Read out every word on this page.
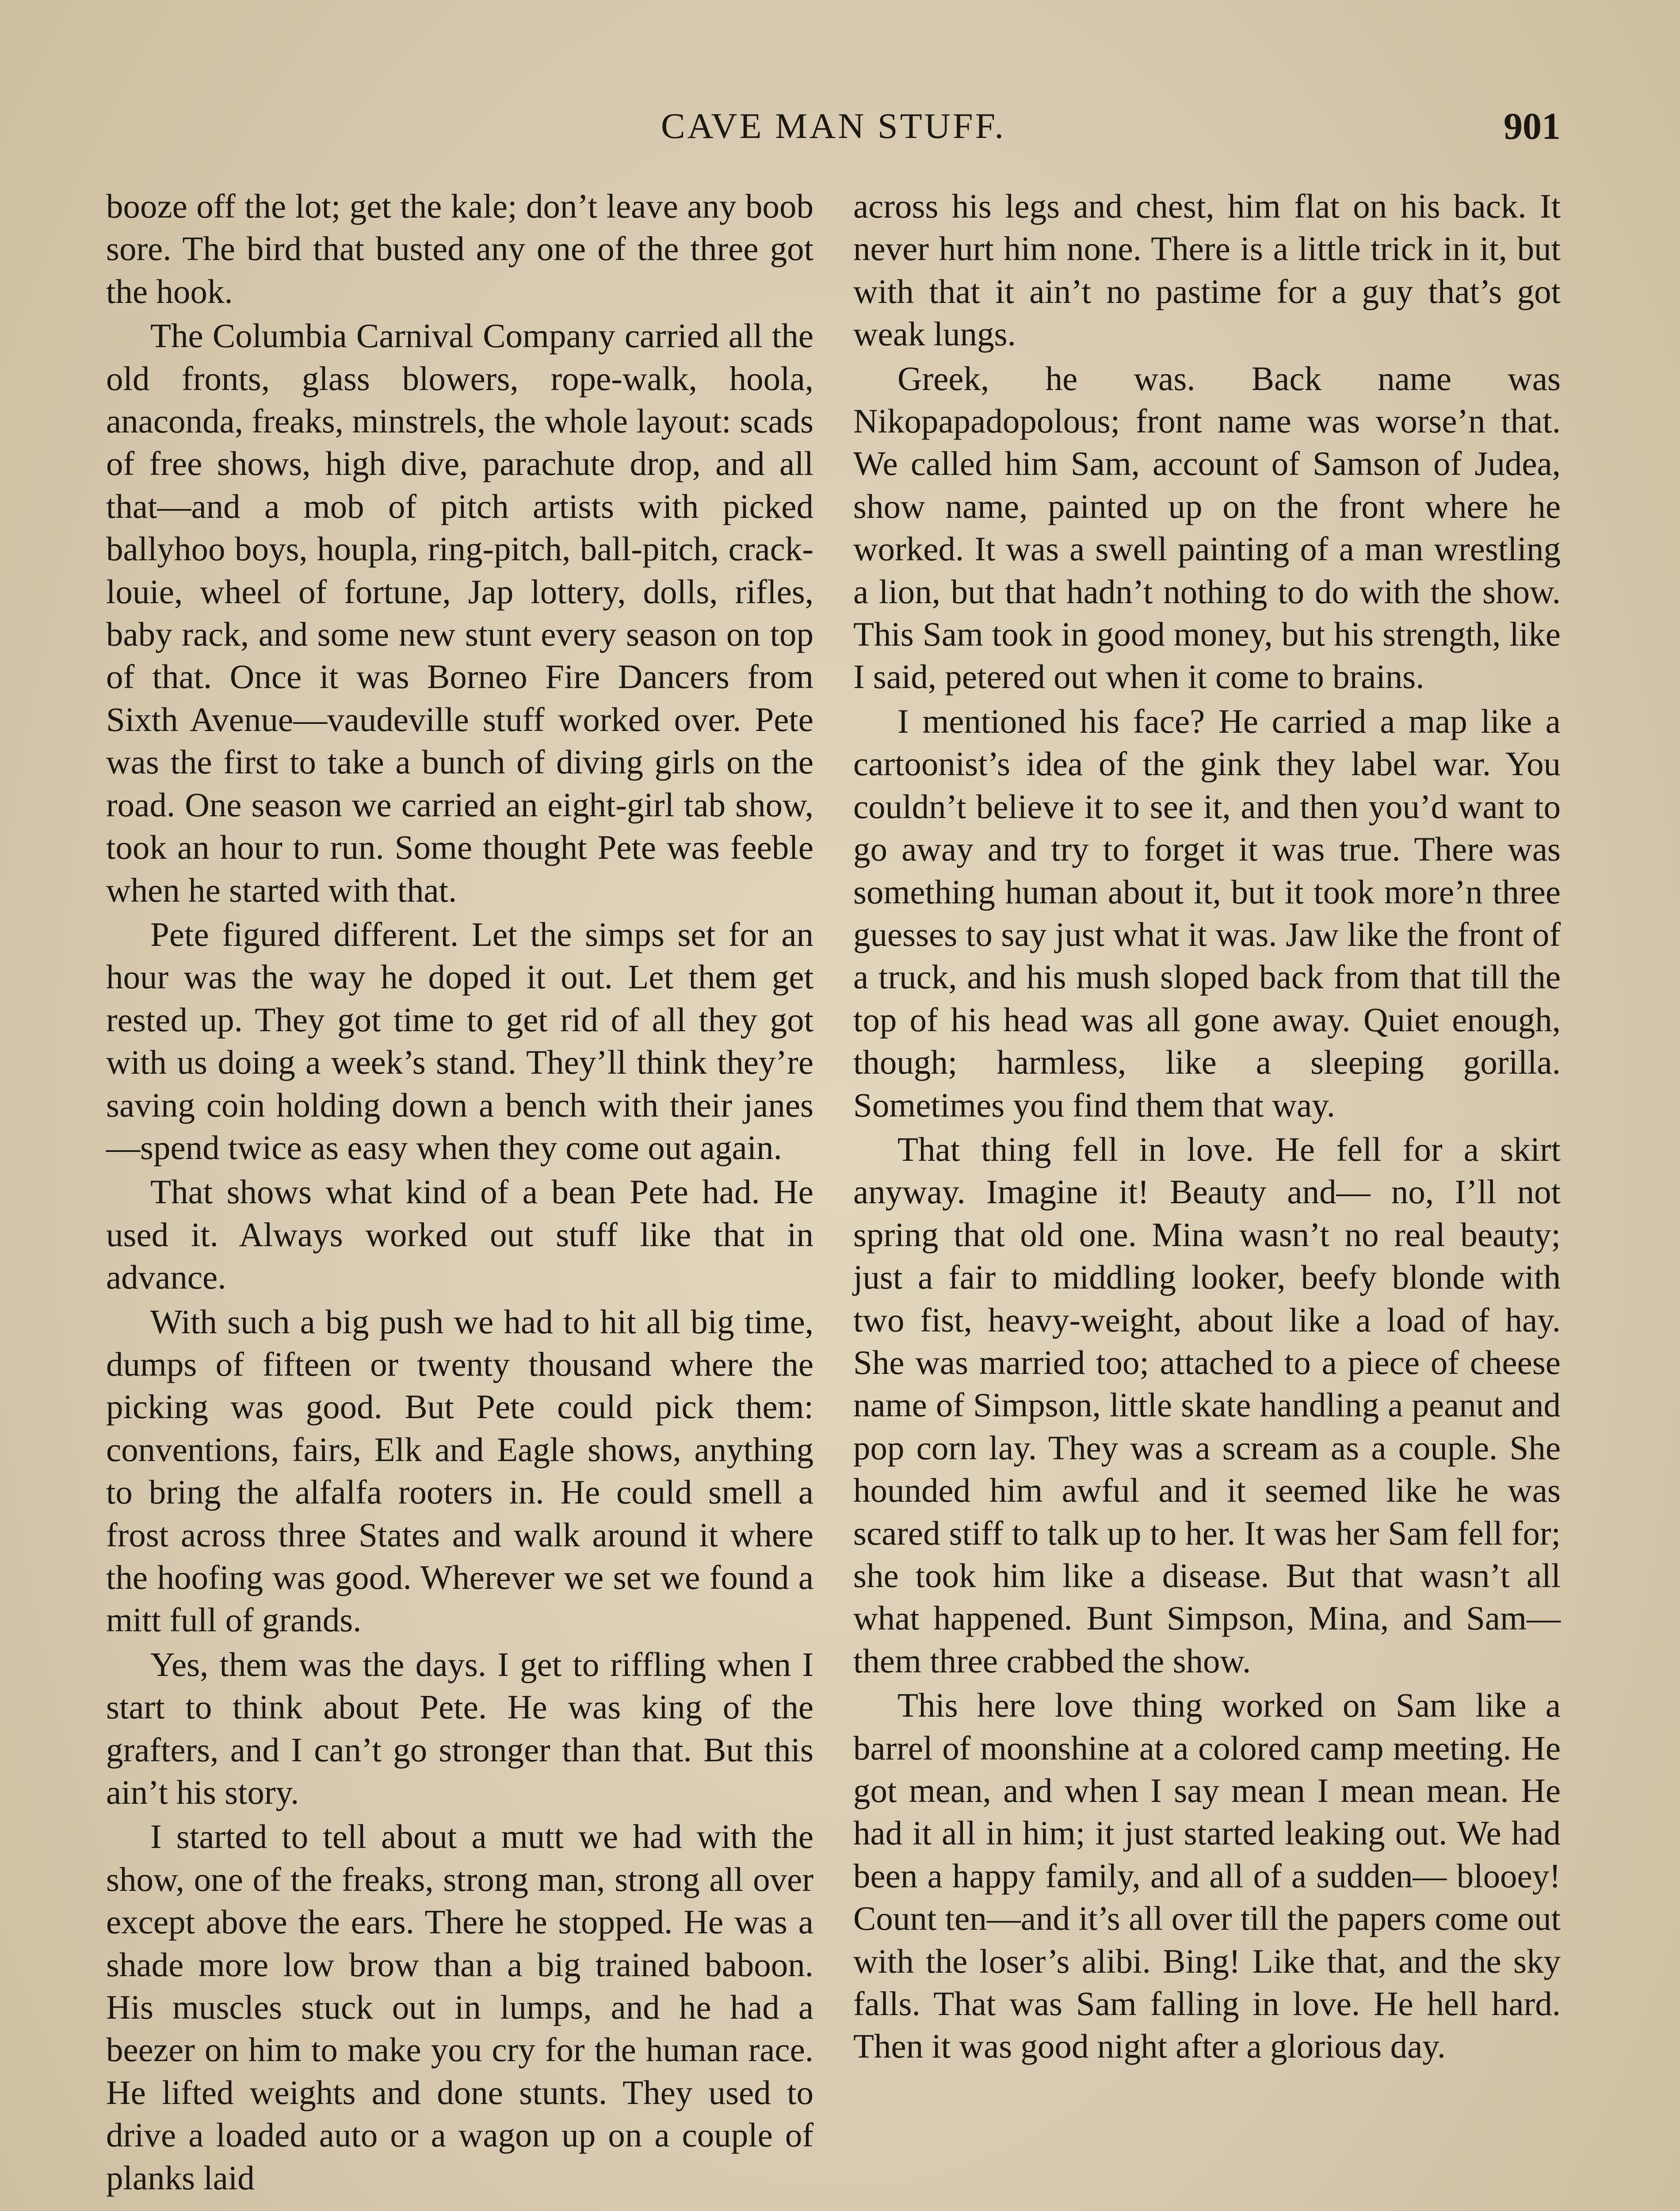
CAVE MAN STUFF.	901

booze off the lot; get the kale; don’t leave any boob sore. The bird that busted any one of the three got the hook.

The Columbia Carnival Company carried all the old fronts, glass blowers, rope-walk, hoola, anaconda, freaks, minstrels, the whole layout: scads of free shows, high dive, parachute drop, and all that—and a mob of pitch artists with picked ballyhoo boys, houpla, ring-pitch, ball-pitch, crack-louie, wheel of fortune, Jap lottery, dolls, rifles, baby rack, and some new stunt every season on top of that. Once it was Borneo Fire Dancers from Sixth Avenue—vaudeville stuff worked over. Pete was the first to take a bunch of diving girls on the road. One season we carried an eight-girl tab show, took an hour to run. Some thought Pete was feeble when he started with that.

Pete figured different. Let the simps set for an hour was the way he doped it out. Let them get rested up. They got time to get rid of all they got with us doing a week’s stand. They’ll think they’re saving coin holding down a bench with their janes —spend twice as easy when they come out again.

That shows what kind of a bean Pete had. He used it. Always worked out stuff like that in advance.

With such a big push we had to hit all big time, dumps of fifteen or twenty thousand where the picking was good. But Pete could pick them: conventions, fairs, Elk and Eagle shows, anything to bring the alfalfa rooters in. He could smell a frost across three States and walk around it where the hoofing was good. Wherever we set we found a mitt full of grands.

Yes, them was the days. I get to riffling when I start to think about Pete. He was king of the grafters, and I can’t go stronger than that. But this ain’t his story.

I started to tell about a mutt we had with the show, one of the freaks, strong man, strong all over except above the ears. There he stopped. He was a shade more low brow than a big trained baboon. His muscles stuck out in lumps, and he had a beezer on him to make you cry for the human race. He lifted weights and done stunts. They used to drive a loaded auto or a wagon up on a couple of planks laid

across his legs and chest, him flat on his back. It never hurt him none. There is a little trick in it, but with that it ain’t no pastime for a guy that’s got weak lungs.

Greek, he was. Back name was Nikopapadopolous; front name was worse’n that. We called him Sam, account of Samson of Judea, show name, painted up on the front where he worked. It was a swell painting of a man wrestling a lion, but that hadn’t nothing to do with the show. This Sam took in good money, but his strength, like I said, petered out when it come to brains.

I mentioned his face? He carried a map like a cartoonist’s idea of the gink they label war. You couldn’t believe it to see it, and then you’d want to go away and try to forget it was true. There was something human about it, but it took more’n three guesses to say just what it was. Jaw like the front of a truck, and his mush sloped back from that till the top of his head was all gone away. Quiet enough, though; harmless, like a sleeping gorilla. Sometimes you find them that way.

That thing fell in love. He fell for a skirt anyway. Imagine it! Beauty and— no, I’ll not spring that old one. Mina wasn’t no real beauty; just a fair to middling looker, beefy blonde with two fist, heavy-weight, about like a load of hay. She was married too; attached to a piece of cheese name of Simpson, little skate handling a peanut and pop corn lay. They was a scream as a couple. She hounded him awful and it seemed like he was scared stiff to talk up to her. It was her Sam fell for; she took him like a disease. But that wasn’t all what happened. Bunt Simpson, Mina, and Sam—them three crabbed the show.

This here love thing worked on Sam like a barrel of moonshine at a colored camp meeting. He got mean, and when I say mean I mean mean. He had it all in him; it just started leaking out. We had been a happy family, and all of a sudden— blooey! Count ten—and it’s all over till the papers come out with the loser’s alibi. Bing! Like that, and the sky falls. That was Sam falling in love. He hell hard. Then it was good night after a glorious day.
